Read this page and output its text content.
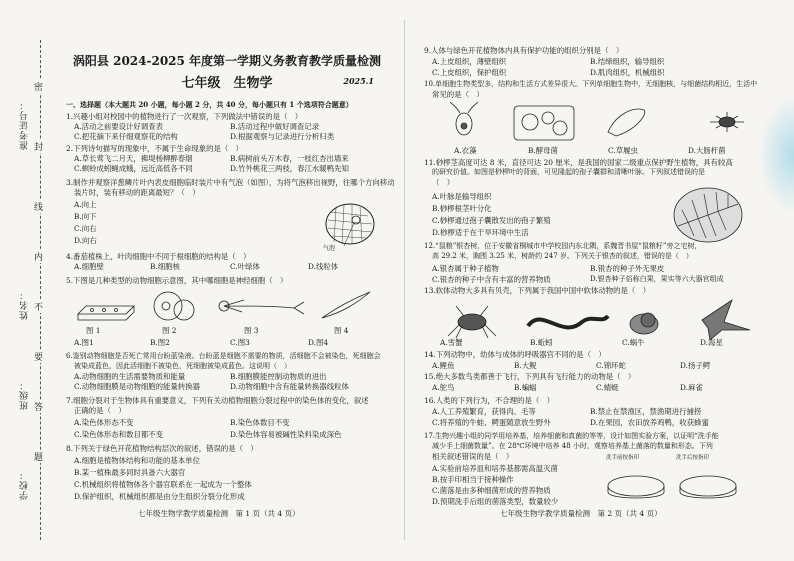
准考证号：
姓名：
班级：
学校：
密
封
线
内
不
要
答
题
涡阳县 2024-2025 年度第一学期义务教育教学质量检测
七年级　生物学	2025.1
一、选择题（本大题共 20 小题，每小题 2 分，共 40 分，每小题只有 1 个选项符合题意）
1.兴趣小组对校园中的植物进行了一次观察，下列做法中错误的是（　）
A.活动之前要设计好调查表	B.活动过程中做好调查记录
C.把花摘下来仔细观察花的结构	D.根据观察与记录进行分析归类
2.下列诗句描写的现象中，不属于生命现象的是（　）
A.草长莺飞二月天，拂堤杨柳醉春烟	B.病树前头万木春，一枝红杏出墙来
C.螟蛉成蚓蝇成蛾，远近高低各不同	D.竹外桃花三两枝，春江水暖鸭先知
3.制作并观察洋葱鳞片叶内表皮细胞临时装片中有气泡（如图），为将气泡移出视野，往哪个方向移动
装片时，装有移动的距离最短？（　）
A.向上
B.向下
C.向右
D.向右
气泡
4.番茄植株上，叶肉细胞中不同于根细胞的结构是（　）
A.细胞壁	B.细胞核	C.叶绿体	D.线粒体
5.下图是几种类型的动物细胞示意图，其中哪细胞是神经细胞（　）
图 1	图 2	图 3	图 4
A.图1	B.图2	C.图3	D.图4
6.鉴别动物细胞是否死亡常用台盼蓝染液。台盼蓝是细胞不需要的物质，活细胞不会被染色，死细胞会
被染成蓝色，因此活细胞不被染色，死细胞被染成蓝色。这说明（　）
A.动物细胞的生活需要物质和能量	B.细胞膜能控制动物质的进出
C.动物细胞膜是动物细胞的能量转换器	D.动物细胞中含有能量转换器线粒体
7.细胞分裂对于生物体具有重要意义，下列有关动植物细胞分裂过程中的染色体的变化，叙述
正确的是（　）
A.染色体形态不变	B.染色体数目不变
C.染色体形态和数目都不变	D.染色体容易被碱性染料染成深色
8.下列关于绿色开花植物结构层次的叙述，错误的是（　）
A.细胞是植物体结构和功能的基本单位
B.某一植株最多同时具备六大器官
C.机械组织将植物体各个器官联系在一起成为一个整体
D.保护组织，机械组织都是由分生组织分裂分化形成
七年级生物学教学质量检测　第 1 页（共 4 页）
9.人体与绿色开花植物体内具有保护功能的组织分别是（　）
A.上皮组织，薄壁组织	B.结缔组织，输导组织
C.上皮组织，保护组织	D.肌肉组织，机械组织
10.单细胞生物类型多，结构和生活方式差异很大。下列单细胞生物中，无细胞核，与细菌结构相近，生活中
常见的是（　）
A.衣藻	B.酵母菌	C.草履虫	D.大肠杆菌
11.桫椤茎高度可达 8 米，直径可达 20 厘米，是我国的国家二级重点保护野生植物，具有较高
的研究价值。如图是桫椤叶的背面，可见隆起的孢子囊群和清晰叶脉。下列叙述错误的是
（　）
A.叶脉是输导组织
B.桫椤根茎叶分化
C.桫椤通过孢子囊散发出的孢子繁殖
D.桫椤适于在干旱环境中生活
12.“鼠粮”银杏树，位于安徽省桐城市中学校园内东北隅，系魏晋书屋“鼠粮籽”旁之宅树，
高 29.2 米，胸围 3.25 米，树龄约 247 岁。下列关于银杏的叙述，错误的是（　）
A.银杏属于种子植物	B.银杏的种子外无果皮
C.银杏的种子中含有丰富的营养物质	D.银杏种子俗称白果，果实等六大器官组成
13.软体动物大多具有贝壳，下列属于我国中国中软体动物的是（　）
A.雪蟹	B.蚯蚓	C.蜗牛	D.海星
14.下列动物中，幼体与成体的呼吸器官不同的是（　）
A.鲤鱼	B.大鲵	C.锦环蛇	D.扬子鳄
15.绝大多数鸟类都善于飞行，下列具有飞行能力的动物是（　）
A.鸵鸟	B.蝙蝠	C.蜻蜓	D.麻雀
16.人类的下列行为，不合理的是（　）
A.人工养殖繁育，获得肉、毛等	B.禁止在禁渔区，禁渔期进行捕捞
C.将养殖的牛蛙、鳄蛋随意放生野外	D.在果园，农田放养鸡鸭，收获蜂蜜
17.生物兴趣小组的同学用培养基，培养细菌和真菌的等等，设计如图实验方案，以证明“洗手能
减少手上细菌数量”。在 28℃环境中培养 48 小时，观察培养基上菌落的数量和形态。下列
相关叙述错误的是（　）
A.实验前培养皿和培养基都需高温灭菌
B.按手印相当于接种操作
C.菌落是由多种细菌形成的营养物质
D.预期洗手后组的菌落类型，数量较少
洗手前按指印	洗手后按指印
七年级生物学教学质量检测　第 2 页（共 4 页）
